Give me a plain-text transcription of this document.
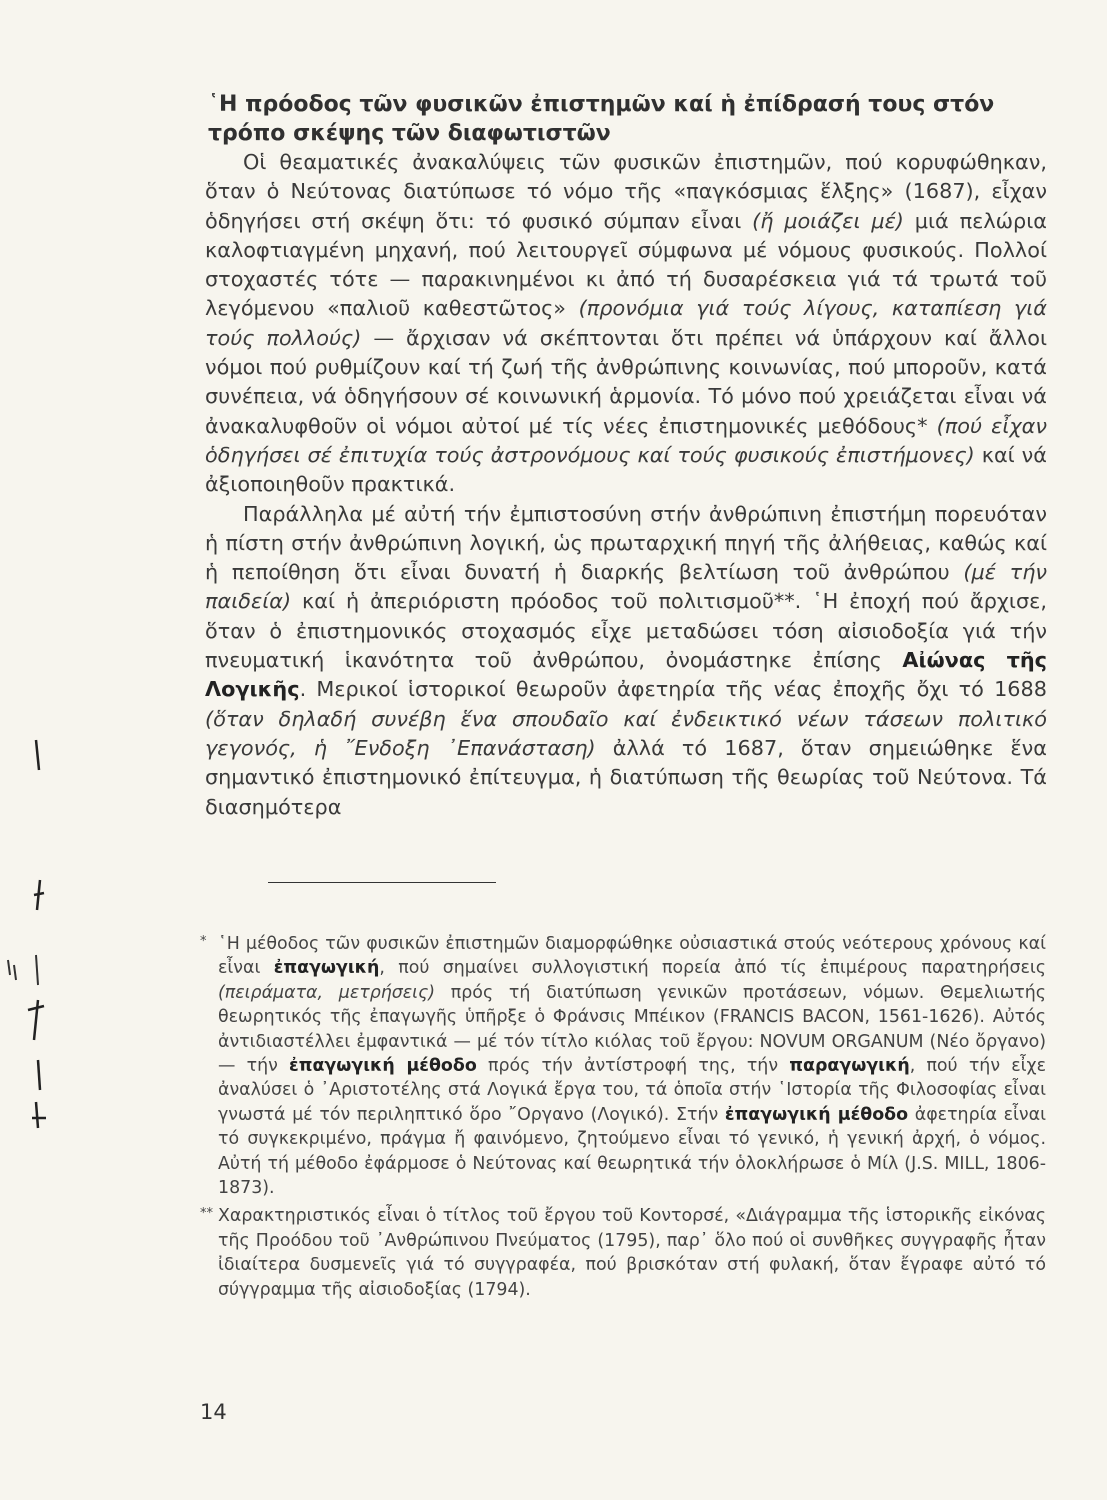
῾Η πρόοδος τῶν φυσικῶν ἐπιστημῶν καί ἡ ἐπίδρασή τους στόν τρόπο σκέψης τῶν διαφωτιστῶν

Οἱ θεαματικές ἀνακαλύψεις τῶν φυσικῶν ἐπιστημῶν, πού κορυφώθηκαν, ὅταν ὁ Νεύτονας διατύπωσε τό νόμο τῆς «παγκόσμιας ἕλξης» (1687), εἶχαν ὁδηγήσει στή σκέψη ὅτι: τό φυσικό σύμπαν εἶναι (ἤ μοιάζει μέ) μιά πελώρια καλοφτιαγμένη μηχανή, πού λειτουργεῖ σύμφωνα μέ νόμους φυσικούς. Πολλοί στοχαστές τότε — παρακινημένοι κι ἀπό τή δυσαρέσκεια γιά τά τρωτά τοῦ λεγόμενου «παλιοῦ καθεστῶτος» (προνόμια γιά τούς λίγους, καταπίεση γιά τούς πολλούς) — ἄρχισαν νά σκέπτονται ὅτι πρέπει νά ὑπάρχουν καί ἄλλοι νόμοι πού ρυθμίζουν καί τή ζωή τῆς ἀνθρώπινης κοινωνίας, πού μποροῦν, κατά συνέπεια, νά ὁδηγήσουν σέ κοινωνική ἁρμονία. Τό μόνο πού χρειάζεται εἶναι νά ἀνακαλυφθοῦν οἱ νόμοι αὐτοί μέ τίς νέες ἐπιστημονικές μεθόδους* (πού εἶχαν ὁδηγήσει σέ ἐπιτυχία τούς ἀστρονόμους καί τούς φυσικούς ἐπιστήμονες) καί νά ἀξιοποιηθοῦν πρακτικά.

Παράλληλα μέ αὐτή τήν ἐμπιστοσύνη στήν ἀνθρώπινη ἐπιστήμη πορευόταν ἡ πίστη στήν ἀνθρώπινη λογική, ὡς πρωταρχική πηγή τῆς ἀλήθειας, καθώς καί ἡ πεποίθηση ὅτι εἶναι δυνατή ἡ διαρκής βελτίωση τοῦ ἀνθρώπου (μέ τήν παιδεία) καί ἡ ἀπεριόριστη πρόοδος τοῦ πολιτισμοῦ**. ῾Η ἐποχή πού ἄρχισε, ὅταν ὁ ἐπιστημονικός στοχασμός εἶχε μεταδώσει τόση αἰσιοδοξία γιά τήν πνευματική ἱκανότητα τοῦ ἀνθρώπου, ὀνομάστηκε ἐπίσης Αἰώνας τῆς Λογικῆς. Μερικοί ἱστορικοί θεωροῦν ἀφετηρία τῆς νέας ἐποχῆς ὄχι τό 1688 (ὅταν δηλαδή συνέβη ἕνα σπουδαῖο καί ἐνδεικτικό νέων τάσεων πολιτικό γεγονός, ἡ ῎Ενδοξη ᾿Επανάσταση) ἀλλά τό 1687, ὅταν σημειώθηκε ἕνα σημαντικό ἐπιστημονικό ἐπίτευγμα, ἡ διατύπωση τῆς θεωρίας τοῦ Νεύτονα. Τά διασημότερα

* ῾Η μέθοδος τῶν φυσικῶν ἐπιστημῶν διαμορφώθηκε οὐσιαστικά στούς νεότερους χρόνους καί εἶναι ἐπαγωγική, πού σημαίνει συλλογιστική πορεία ἀπό τίς ἐπιμέρους παρατηρήσεις (πειράματα, μετρήσεις) πρός τή διατύπωση γενικῶν προτάσεων, νόμων. Θεμελιωτής θεωρητικός τῆς ἐπαγωγῆς ὑπῆρξε ὁ Φράνσις Μπέικον (FRANCIS BACON, 1561-1626). Αὐτός ἀντιδιαστέλλει ἐμφαντικά — μέ τόν τίτλο κιόλας τοῦ ἔργου: NOVUM ORGANUM (Νέο ὄργανο) — τήν ἐπαγωγική μέθοδο πρός τήν ἀντίστροφή της, τήν παραγωγική, πού τήν εἶχε ἀναλύσει ὁ ᾿Αριστοτέλης στά Λογικά ἔργα του, τά ὁποῖα στήν ῾Ιστορία τῆς Φιλοσοφίας εἶναι γνωστά μέ τόν περιληπτικό ὅρο ῎Οργανο (Λογικό). Στήν ἐπαγωγική μέθοδο ἀφετηρία εἶναι τό συγκεκριμένο, πράγμα ἤ φαινόμενο, ζητούμενο εἶναι τό γενικό, ἡ γενική ἀρχή, ὁ νόμος. Αὐτή τή μέθοδο ἐφάρμοσε ὁ Νεύτονας καί θεωρητικά τήν ὁλοκλήρωσε ὁ Μίλ (J.S. MILL, 1806-1873).
** Χαρακτηριστικός εἶναι ὁ τίτλος τοῦ ἔργου τοῦ Κοντορσέ, «Διάγραμμα τῆς ἱστορικῆς εἰκόνας τῆς Προόδου τοῦ ᾿Ανθρώπινου Πνεύματος (1795), παρ᾿ ὅλο πού οἱ συνθῆκες συγγραφῆς ἦταν ἰδιαίτερα δυσμενεῖς γιά τό συγγραφέα, πού βρισκόταν στή φυλακή, ὅταν ἔγραφε αὐτό τό σύγγραμμα τῆς αἰσιοδοξίας (1794).
14
